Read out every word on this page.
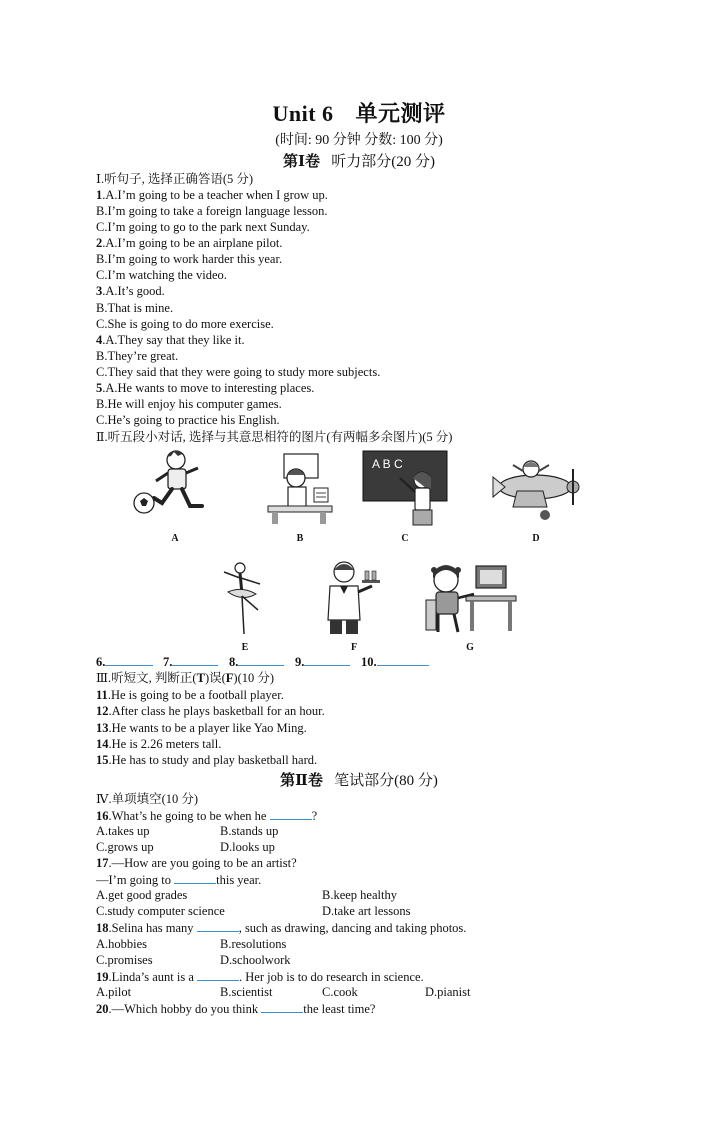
Unit 6 单元测评
(时间: 90 分钟 分数: 100 分)
第Ⅰ卷 听力部分(20 分)
Ⅰ.听句子, 选择正确答语(5 分)
1.A.I’m going to be a teacher when I grow up.
B.I’m going to take a foreign language lesson.
C.I’m going to go to the park next Sunday.
2.A.I’m going to be an airplane pilot.
B.I’m going to work harder this year.
C.I’m watching the video.
3.A.It’s good.
B.That is mine.
C.She is going to do more exercise.
4.A.They say that they like it.
B.They’re great.
C.They said that they were going to study more subjects.
5.A.He wants to move to interesting places.
B.He will enjoy his computer games.
C.He’s going to practice his English.
Ⅱ.听五段小对话, 选择与其意思相符的图片(有两幅多余图片)(5 分)
A	B
A B C
C	D
E	F	G
6.	7.	8.	9.	10.
Ⅲ.听短文, 判断正(T)误(F)(10 分)
11.He is going to be a football player.
12.After class he plays basketball for an hour.
13.He wants to be a player like Yao Ming.
14.He is 2.26 meters tall.
15.He has to study and play basketball hard.
第Ⅱ卷 笔试部分(80 分)
Ⅳ.单项填空(10 分)
16.What’s he going to be when he	?
A.takes up	B.stands up
C.grows up	D.looks up
17.—How are you going to be an artist?
—I’m going to	this year.
A.get good grades	B.keep healthy
C.study computer science	D.take art lessons
18.Selina has many	, such as drawing, dancing and taking photos.
A.hobbies	B.resolutions
C.promises	D.schoolwork
19.Linda’s aunt is a	. Her job is to do research in science.
A.pilot	B.scientist	C.cook	D.pianist
20.—Which hobby do you think	the least time?
